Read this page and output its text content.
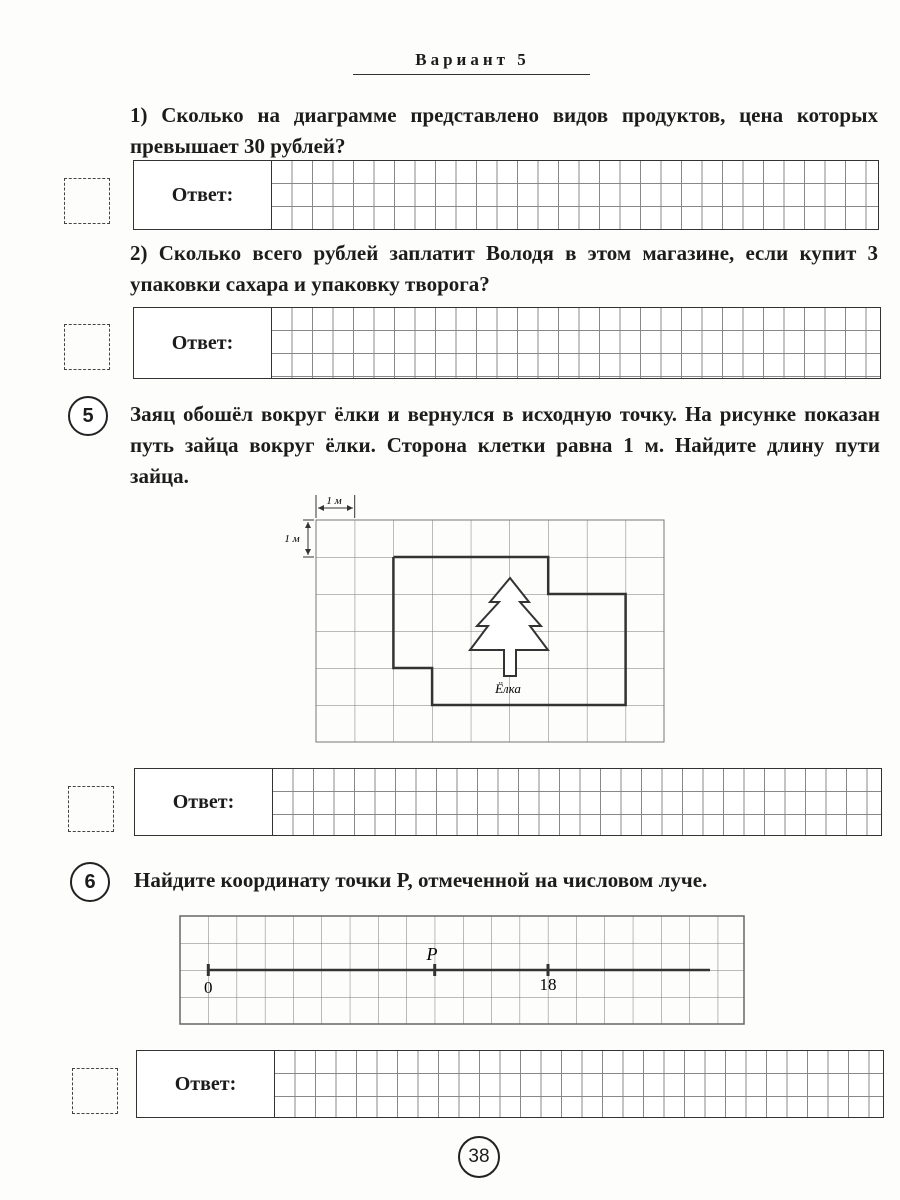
Вариант 5
1) Сколько на диаграмме представлено видов продуктов, цена которых превышает 30 рублей?
Ответ:
2) Сколько всего рублей заплатит Володя в этом магазине, если купит 3 упаковки сахара и упаковку творога?
Ответ:
5	Заяц обошёл вокруг ёлки и вернулся в исходную точку. На рисунке показан путь зайца вокруг ёлки. Сторона клетки равна 1 м. Найдите длину пути зайца.
Ёлка
1 м
1 м
Ответ:
6	Найдите координату точки P, отмеченной на числовом луче.
0
P
18
Ответ:
38
